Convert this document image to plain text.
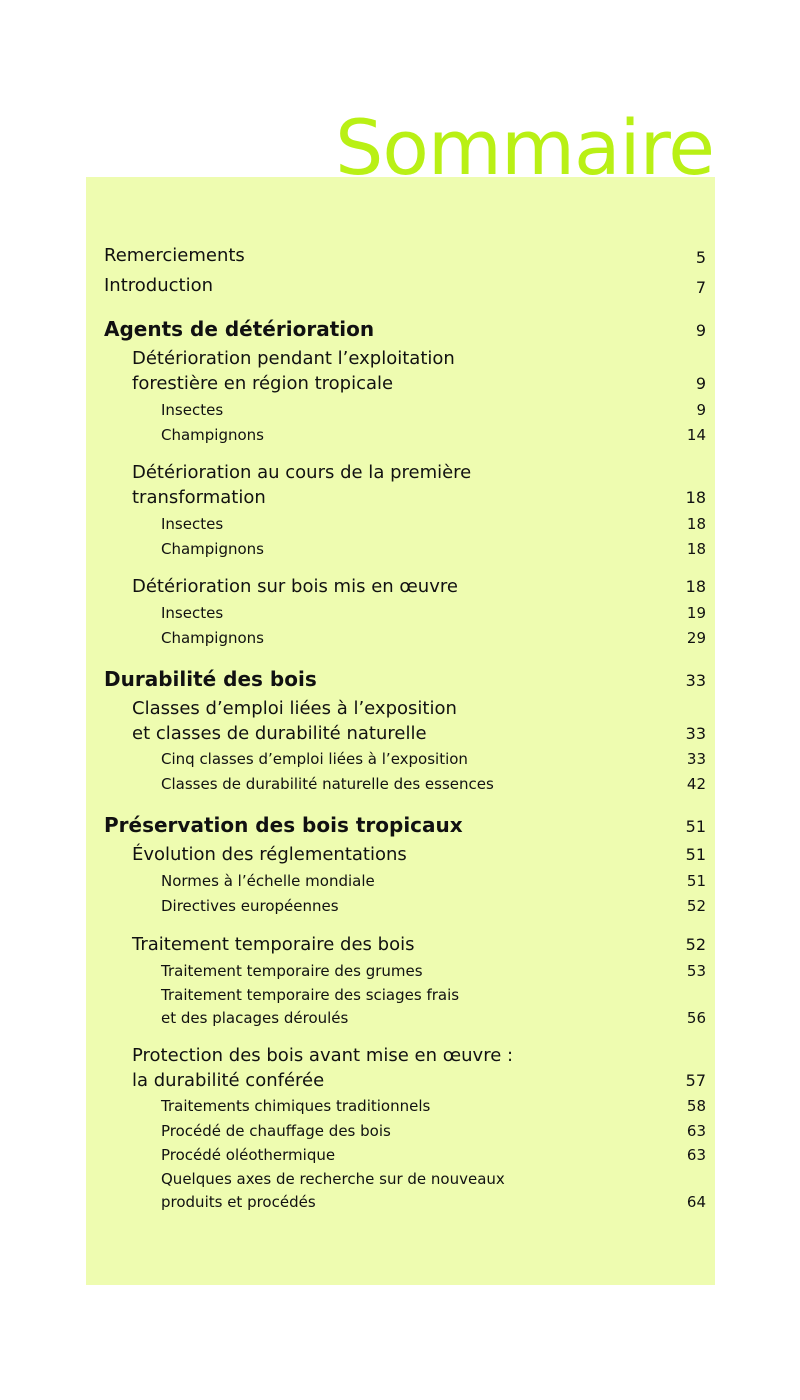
Sommaire
Remerciements	5
Introduction	7
Agents de détérioration	9
Détérioration pendant l’exploitation
forestière en région tropicale	9
Insectes	9
Champignons	14
Détérioration au cours de la première
transformation	18
Insectes	18
Champignons	18
Détérioration sur bois mis en œuvre	18
Insectes	19
Champignons	29
Durabilité des bois	33
Classes d’emploi liées à l’exposition
et classes de durabilité naturelle	33
Cinq classes d’emploi liées à l’exposition	33
Classes de durabilité naturelle des essences	42
Préservation des bois tropicaux	51
Évolution des réglementations	51
Normes à l’échelle mondiale	51
Directives européennes	52
Traitement temporaire des bois	52
Traitement temporaire des grumes	53
Traitement temporaire des sciages frais
et des placages déroulés	56
Protection des bois avant mise en œuvre :
la durabilité conférée	57
Traitements chimiques traditionnels	58
Procédé de chauffage des bois	63
Procédé oléothermique	63
Quelques axes de recherche sur de nouveaux
produits et procédés	64
